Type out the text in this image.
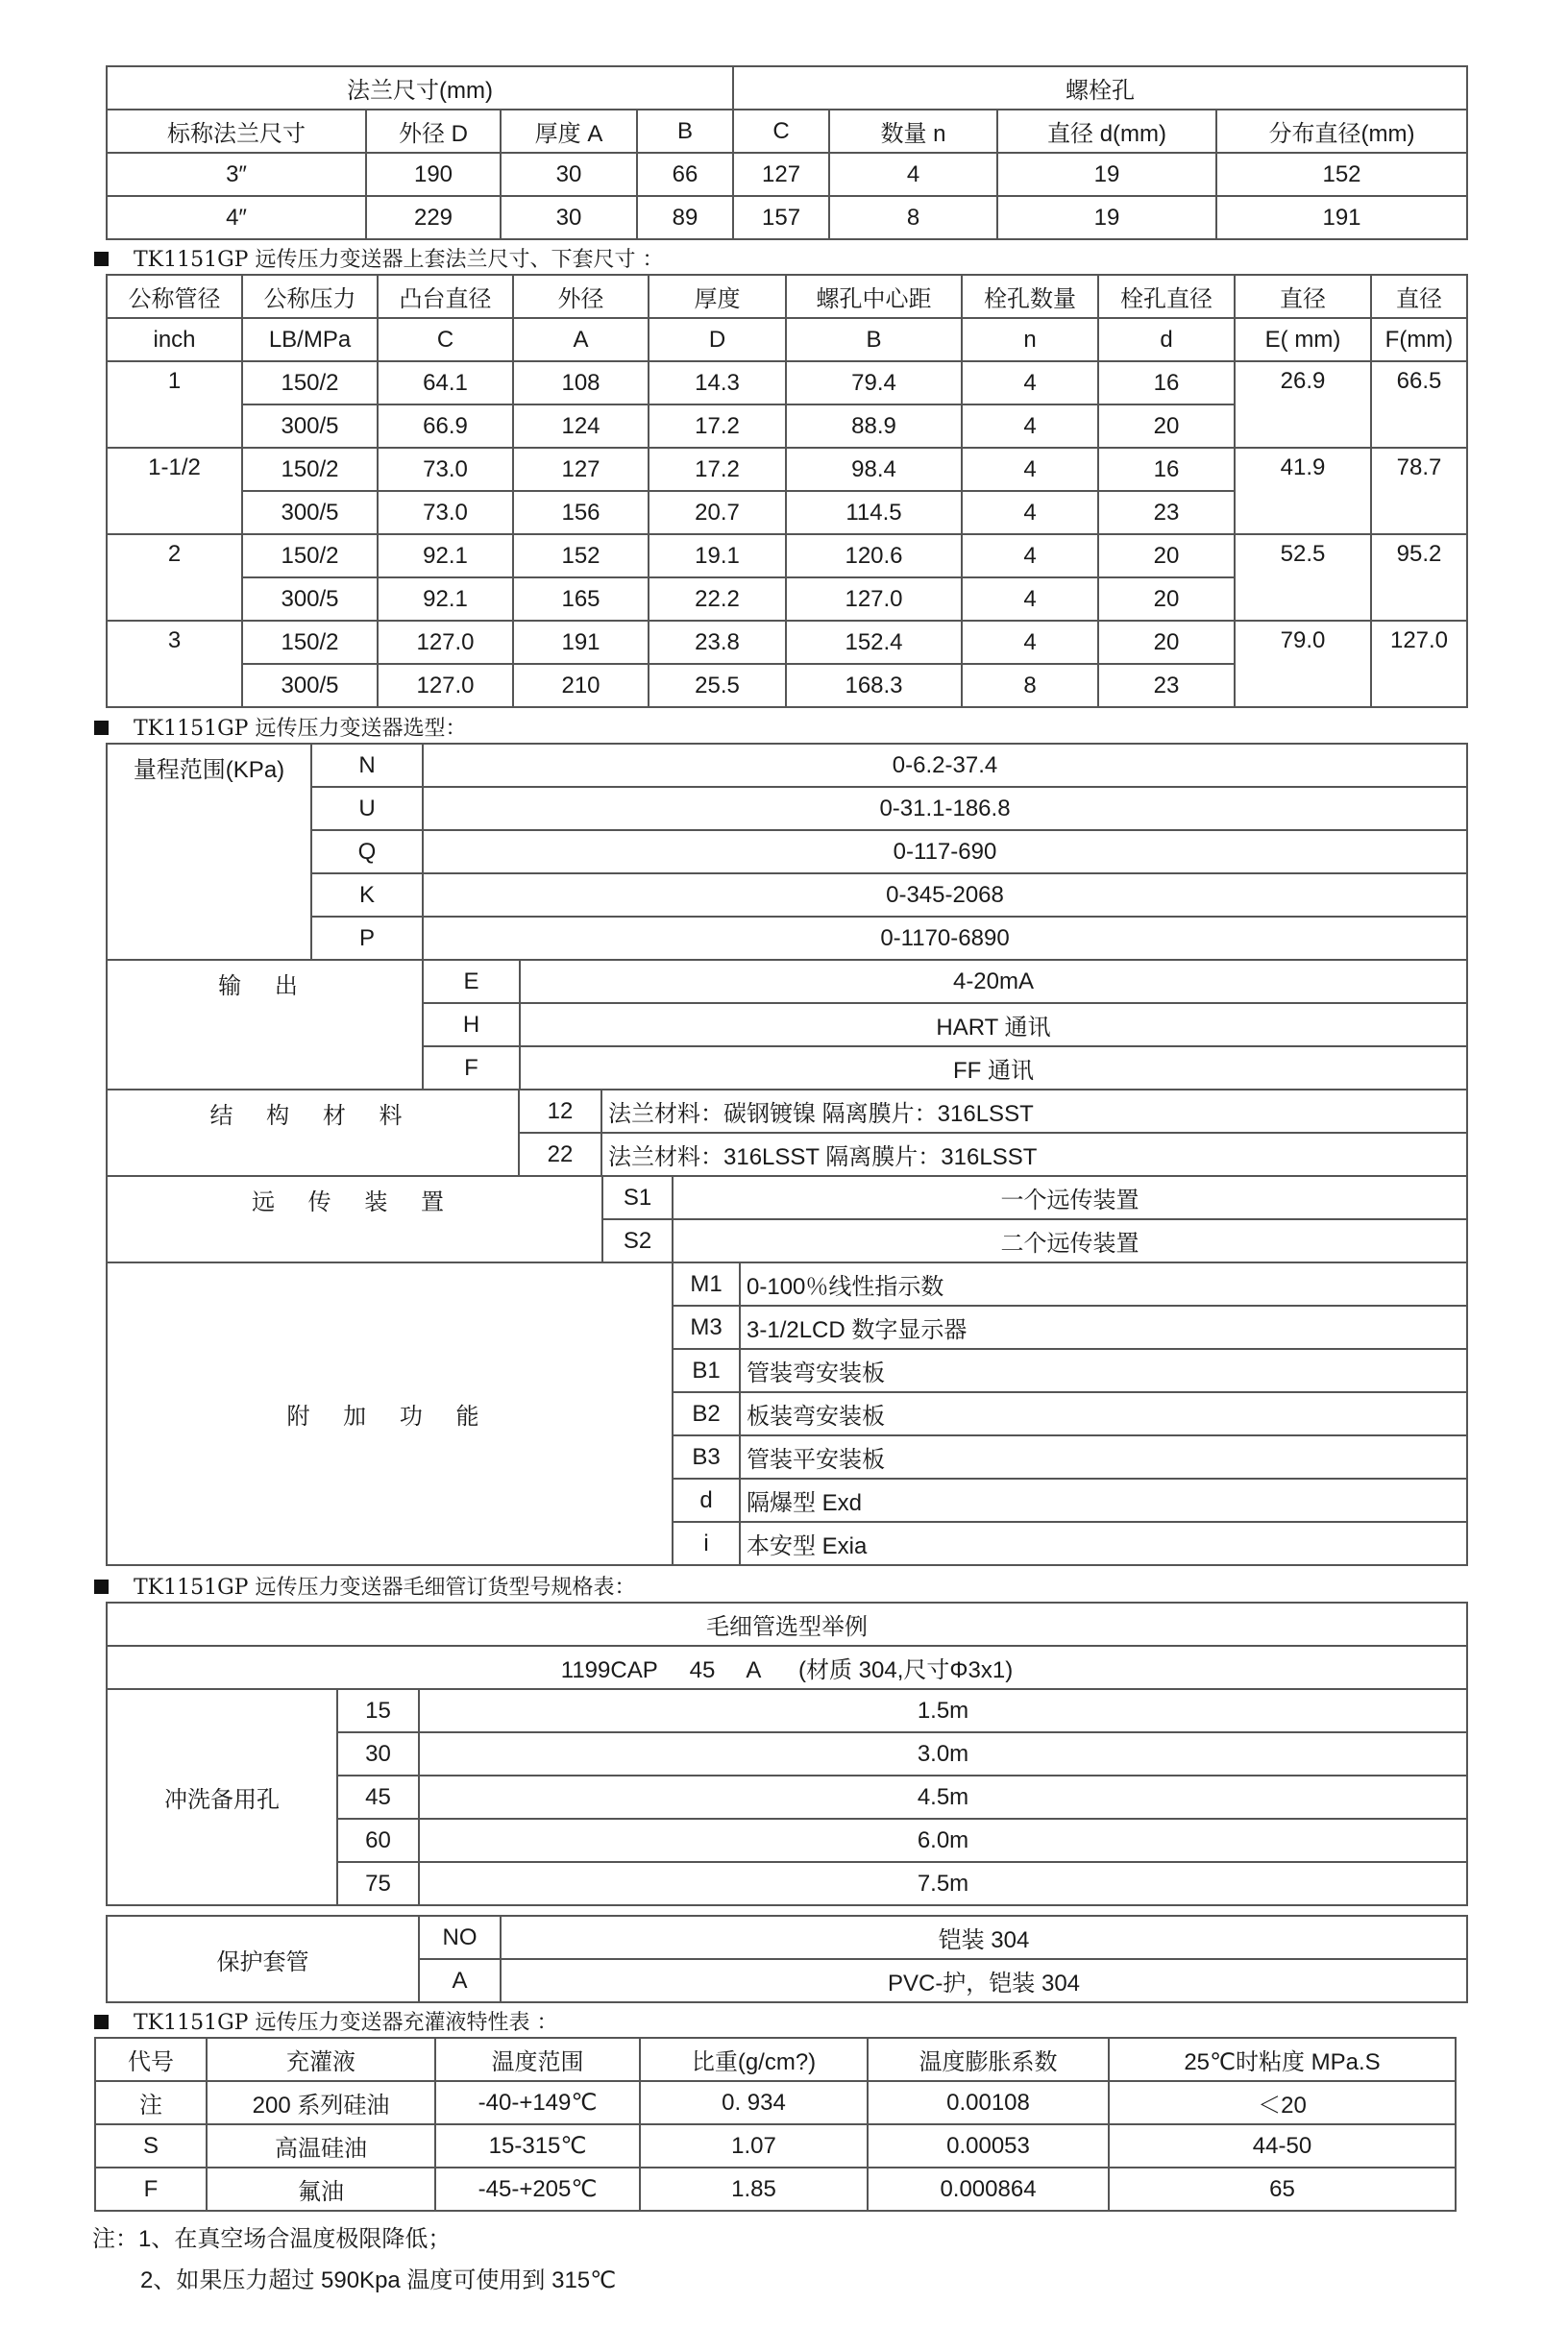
法兰尺寸(mm)				螺栓孔			
标称法兰尺寸	外径 D	厚度 A	B	C	数量 n	直径 d(mm)	分布直径(mm)
3″	190	30	66	127	4	19	152
4″	229	30	89	157	8	19	191
TK1151GP 远传压力变送器上套法兰尺寸、下套尺寸 ：
公称管径	公称压力	凸台直径	外径	厚度	螺孔中心距	栓孔数量	栓孔直径	直径	直径
inch	LB/MPa	C	A	D	B	n	d	E( mm)	F(mm)
1	150/2	64.1	108	14.3	79.4	4	16	26.9	66.5
	300/5	66.9	124	17.2	88.9	4	20		
1-1/2	150/2	73.0	127	17.2	98.4	4	16	41.9	78.7
	300/5	73.0	156	20.7	114.5	4	23		
2	150/2	92.1	152	19.1	120.6	4	20	52.5	95.2
	300/5	92.1	165	22.2	127.0	4	20		
3	150/2	127.0	191	23.8	152.4	4	20	79.0	127.0
	300/5	127.0	210	25.5	168.3	8	23		
TK1151GP 远传压力变送器选型：
量程范围(KPa)	N	0-6.2-37.4
	U	0-31.1-186.8
	Q	0-117-690
	K	0-345-2068
	P	0-1170-6890
输 出	E	4-20mA
	H	HART 通讯
	F	FF 通讯
结 构 材 料	12	法兰材料：碳钢镀镍 隔离膜片：316LSST
	22	法兰材料：316LSST 隔离膜片：316LSST
远 传 装 置	S1	一个远传装置
	S2	二个远传装置
附 加 功 能	M1	0-100％线性指示数
	M3	3-1/2LCD 数字显示器
	B1	管装弯安装板
	B2	板装弯安装板
	B3	管装平安装板
	d	隔爆型 Exd
	i	本安型 Exia
TK1151GP 远传压力变送器毛细管订货型号规格表：
毛细管选型举例
1199CAP     45     A      (材质 304,尺寸Φ3x1)
冲洗备用孔	15	1.5m
	30	3.0m
	45	4.5m
	60	6.0m
	75	7.5m
保护套管	NO	铠装 304
	A	PVC-护，铠装 304
TK1151GP 远传压力变送器充灌液特性表 ：
代号	充灌液	温度范围	比重(g/cm?)	温度膨胀系数	25℃时粘度 MPa.S
注	200 系列硅油	-40-+149℃	0. 934	0.00108	＜20
S	高温硅油	15-315℃	1.07	0.00053	44-50
F	氟油	-45-+205℃	1.85	0.000864	65
注：1、在真空场合温度极限降低；
2、如果压力超过 590Kpa 温度可使用到 315℃
